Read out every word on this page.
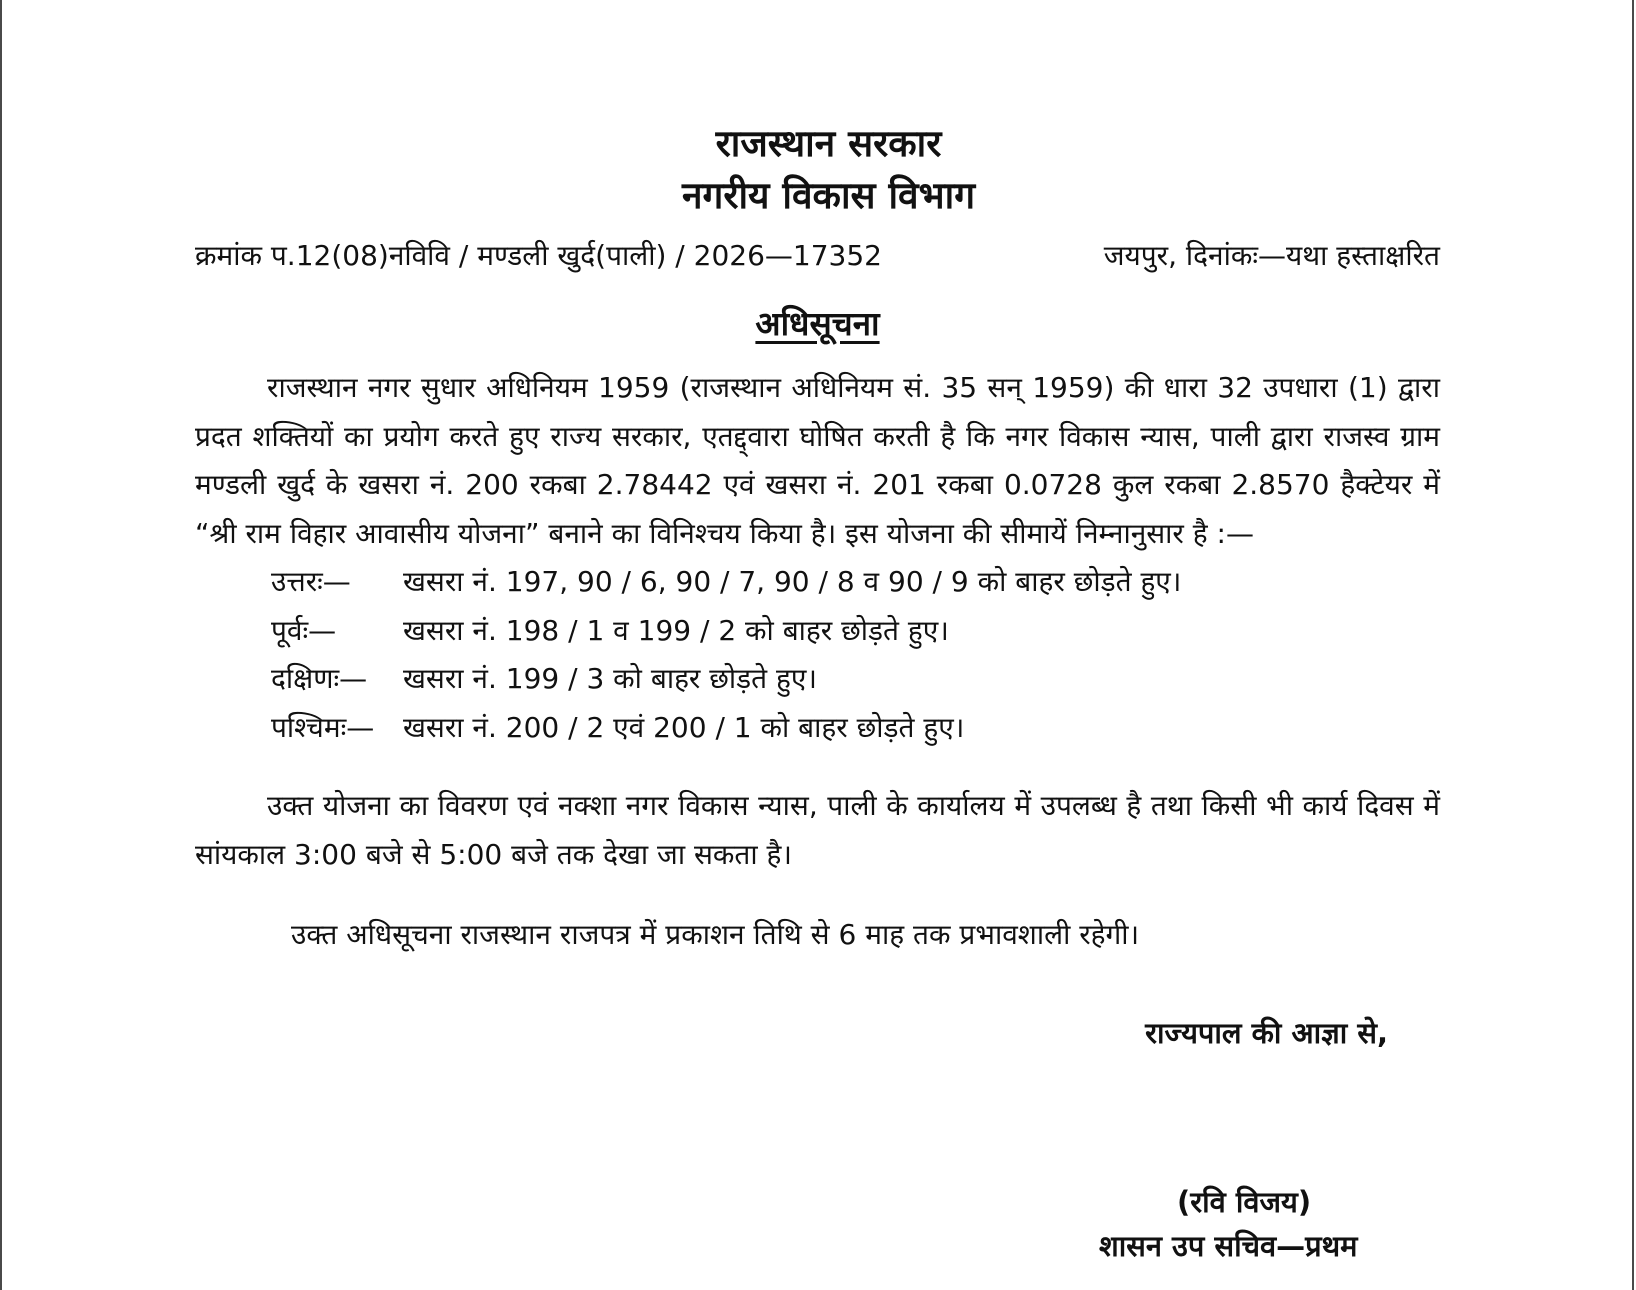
राजस्थान सरकार
नगरीय विकास विभाग
क्रमांक प.12(08)नविवि / मण्डली खुर्द(पाली) / 2026—17352	जयपुर, दिनांकः—यथा हस्ताक्षरित
अधिसूचना
राजस्थान नगर सुधार अधिनियम 1959 (राजस्थान अधिनियम सं. 35 सन् 1959) की धारा 32 उपधारा (1) द्वारा प्रदत शक्तियों का प्रयोग करते हुए राज्य सरकार, एतद्द्वारा घोषित करती है कि नगर विकास न्यास, पाली द्वारा राजस्व ग्राम मण्डली खुर्द के खसरा नं. 200 रकबा 2.78442 एवं खसरा नं. 201 रकबा 0.0728 कुल रकबा 2.8570 हैक्टेयर में “श्री राम विहार आवासीय योजना” बनाने का विनिश्चय किया है। इस योजना की सीमायें निम्नानुसार है :—
उत्तरः—	खसरा नं. 197, 90 / 6, 90 / 7, 90 / 8 व 90 / 9 को बाहर छोड़ते हुए।
पूर्वः—	खसरा नं. 198 / 1 व 199 / 2 को बाहर छोड़ते हुए।
दक्षिणः—	खसरा नं. 199 / 3 को बाहर छोड़ते हुए।
पश्चिमः—	खसरा नं. 200 / 2 एवं 200 / 1 को बाहर छोड़ते हुए।
उक्त योजना का विवरण एवं नक्शा नगर विकास न्यास, पाली के कार्यालय में उपलब्ध है तथा किसी भी कार्य दिवस में सांयकाल 3:00 बजे से 5:00 बजे तक देखा जा सकता है।
उक्त अधिसूचना राजस्थान राजपत्र में प्रकाशन तिथि से 6 माह तक प्रभावशाली रहेगी।
राज्यपाल की आज्ञा से,
(रवि विजय)
शासन उप सचिव—प्रथम
